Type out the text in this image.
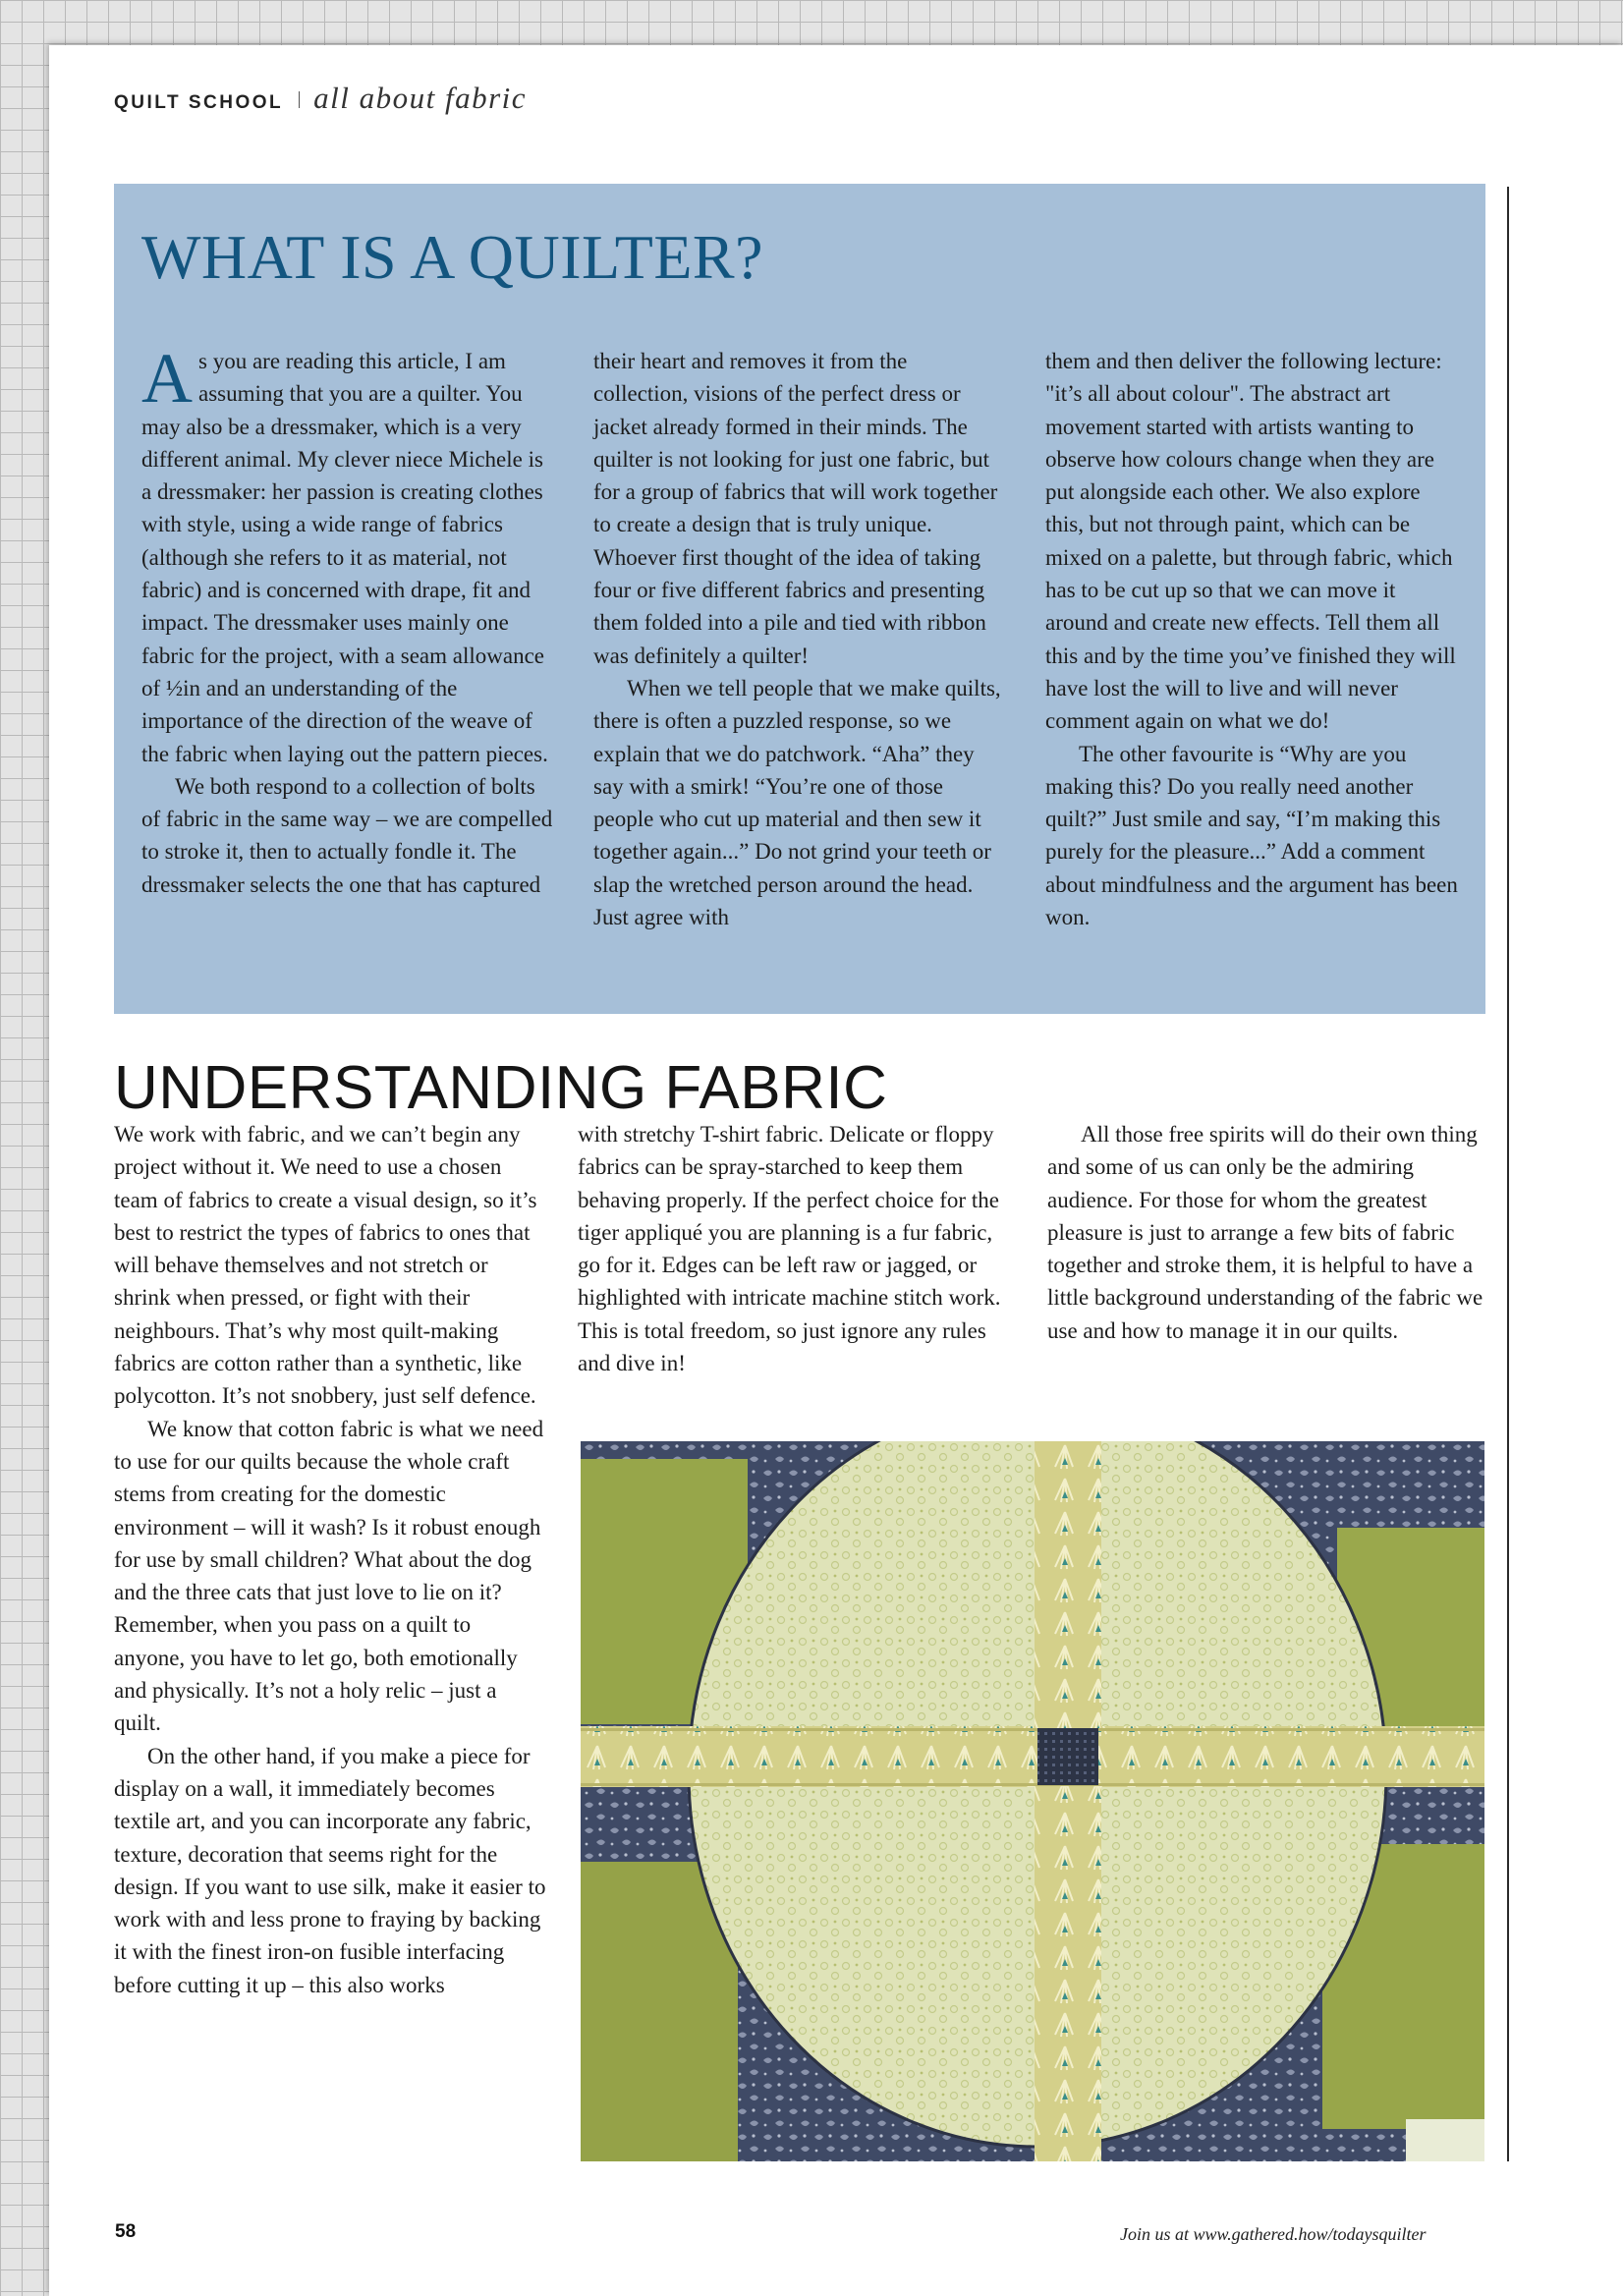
QUILT SCHOOL all about fabric
WHAT IS A QUILTER?

As you are reading this article, I am assuming that you are a quilter. You may also be a dressmaker, which is a very different animal. My clever niece Michele is a dressmaker: her passion is creating clothes with style, using a wide range of fabrics (although she refers to it as material, not fabric) and is concerned with drape, fit and impact. The dressmaker uses mainly one fabric for the project, with a seam allowance of ½in and an understanding of the importance of the direction of the weave of the fabric when laying out the pattern pieces.

We both respond to a collection of bolts of fabric in the same way – we are compelled to stroke it, then to actually fondle it. The dressmaker selects the one that has captured

their heart and removes it from the collection, visions of the perfect dress or jacket already formed in their minds. The quilter is not looking for just one fabric, but for a group of fabrics that will work together to create a design that is truly unique. Whoever first thought of the idea of taking four or five different fabrics and presenting them folded into a pile and tied with ribbon was definitely a quilter!

When we tell people that we make quilts, there is often a puzzled response, so we explain that we do patchwork. “Aha” they say with a smirk! “You’re one of those people who cut up material and then sew it together again...” Do not grind your teeth or slap the wretched person around the head. Just agree with

them and then deliver the following lecture: "it’s all about colour". The abstract art movement started with artists wanting to observe how colours change when they are put alongside each other. We also explore this, but not through paint, which can be mixed on a palette, but through fabric, which has to be cut up so that we can move it around and create new effects. Tell them all this and by the time you’ve finished they will have lost the will to live and will never comment again on what we do!

The other favourite is “Why are you making this? Do you really need another quilt?” Just smile and say, “I’m making this purely for the pleasure...” Add a comment about mindfulness and the argument has been won.

UNDERSTANDING FABRIC

We work with fabric, and we can’t begin any project without it. We need to use a chosen team of fabrics to create a visual design, so it’s best to restrict the types of fabrics to ones that will behave themselves and not stretch or shrink when pressed, or fight with their neighbours. That’s why most quilt-making fabrics are cotton rather than a synthetic, like polycotton. It’s not snobbery, just self defence.

We know that cotton fabric is what we need to use for our quilts because the whole craft stems from creating for the domestic environment – will it wash? Is it robust enough for use by small children? What about the dog and the three cats that just love to lie on it? Remember, when you pass on a quilt to anyone, you have to let go, both emotionally and physically. It’s not a holy relic – just a quilt.

On the other hand, if you make a piece for display on a wall, it immediately becomes textile art, and you can incorporate any fabric, texture, decoration that seems right for the design. If you want to use silk, make it easier to work with and less prone to fraying by backing it with the finest iron-on fusible interfacing before cutting it up – this also works

with stretchy T-shirt fabric. Delicate or floppy fabrics can be spray-starched to keep them behaving properly. If the perfect choice for the tiger appliqué you are planning is a fur fabric, go for it. Edges can be left raw or jagged, or highlighted with intricate machine stitch work. This is total freedom, so just ignore any rules and dive in!

All those free spirits will do their own thing and some of us can only be the admiring audience. For those for whom the greatest pleasure is just to arrange a few bits of fabric together and stroke them, it is helpful to have a little background understanding of the fabric we use and how to manage it in our quilts.

58	Join us at www.gathered.how/todaysquilter
